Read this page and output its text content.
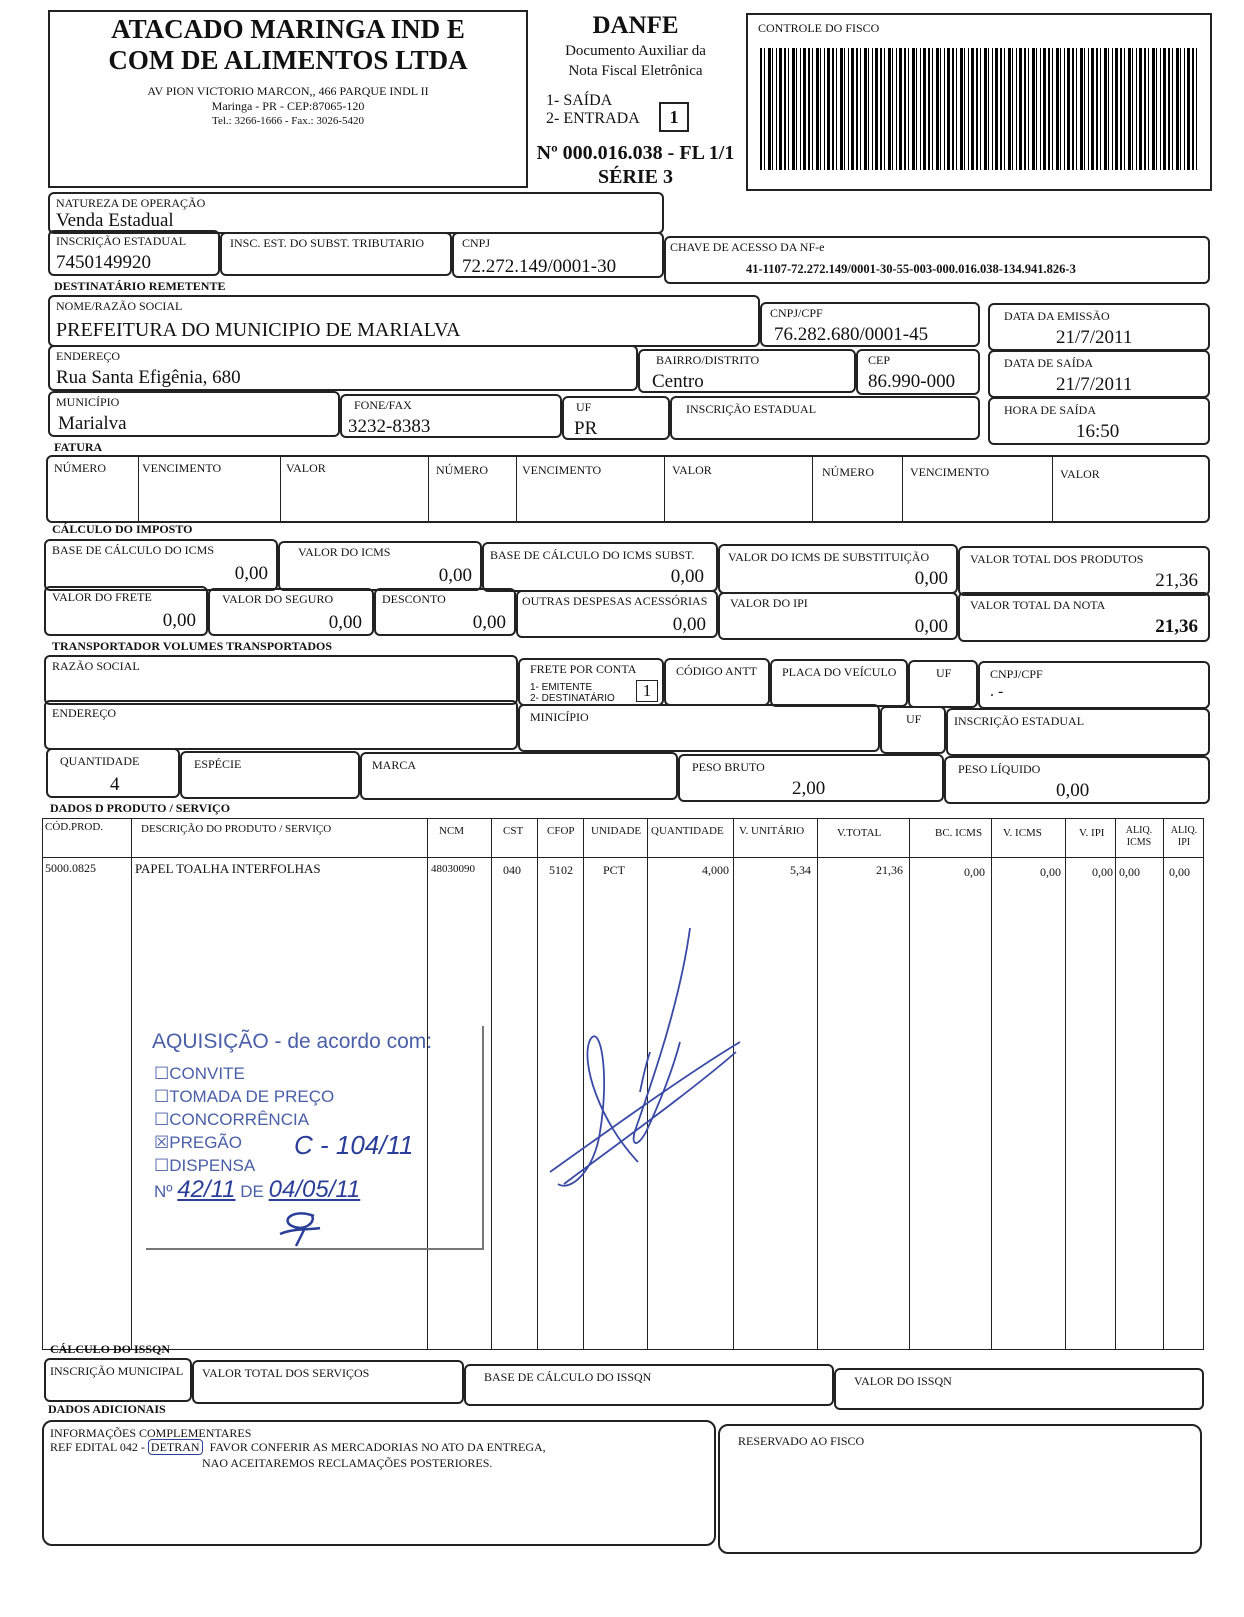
ATACADO MARINGA IND E
COM DE ALIMENTOS LTDA
AV PION VICTORIO MARCON,, 466 PARQUE INDL II
Maringa - PR - CEP:87065-120
Tel.: 3266-1666 - Fax.: 3026-5420
DANFE
Documento Auxiliar da
Nota Fiscal Eletrônica
1- SAÍDA
2- ENTRADA	1
Nº 000.016.038 - FL 1/1
SÉRIE 3
CONTROLE DO FISCO
NATUREZA DE OPERAÇÃO
Venda Estadual
INSCRIÇÃO ESTADUAL
7450149920
INSC. EST. DO SUBST. TRIBUTARIO	CNPJ
72.272.149/0001-30
CHAVE DE ACESSO DA NF-e
41-1107-72.272.149/0001-30-55-003-000.016.038-134.941.826-3
DESTINATÁRIO REMETENTE
NOME/RAZÃO SOCIAL
PREFEITURA DO MUNICIPIO DE MARIALVA
CNPJ/CPF
76.282.680/0001-45
DATA DA EMISSÃO
21/7/2011
ENDEREÇO
Rua Santa Efigênia, 680
BAIRRO/DISTRITO
Centro
CEP
86.990-000
DATA DE SAÍDA
21/7/2011
MUNICÍPIO
Marialva
FONE/FAX
3232-8383
UF
PR
INSCRIÇÃO ESTADUAL	HORA DE SAÍDA
16:50
FATURA
NÚMERO	VENCIMENTO	VALOR	NÚMERO	VENCIMENTO	VALOR	NÚMERO	VENCIMENTO	VALOR
CÁLCULO DO IMPOSTO
BASE DE CÁLCULO DO ICMS
0,00
VALOR DO ICMS
0,00
BASE DE CÁLCULO DO ICMS SUBST.
0,00
VALOR DO ICMS DE SUBSTITUIÇÃO
0,00
VALOR TOTAL DOS PRODUTOS
21,36
VALOR DO FRETE
0,00
VALOR DO SEGURO
0,00
DESCONTO
0,00
OUTRAS DESPESAS ACESSÓRIAS
0,00
VALOR DO IPI
0,00
VALOR TOTAL DA NOTA
21,36
TRANSPORTADOR VOLUMES TRANSPORTADOS
RAZÃO SOCIAL	FRETE POR CONTA
1- EMITENTE
2- DESTINATÁRIO	1
CÓDIGO ANTT PLACA DO VEÍCULO	UF	CNPJ/CPF
. -
ENDEREÇO	MINICÍPIO	UF	INSCRIÇÃO ESTADUAL
QUANTIDADE
4
ESPÉCIE	MARCA	PESO BRUTO
2,00
PESO LÍQUIDO
0,00
DADOS D PRODUTO / SERVIÇO
CÓD.PROD.	DESCRIÇÃO DO PRODUTO / SERVIÇO	NCM	CST CFOP UNIDADE QUANTIDADE V. UNITÁRIO	V.TOTAL	BC. ICMS V. ICMS	V. IPI	ALIQ. ICMS
ALIQ. IPI
5000.0825	PAPEL TOALHA INTERFOLHAS	48030090 040 5102	PCT	4,000	5,34	21,36	0,00	0,00	0,00 0,00 0,00
AQUISIÇÃO - de acordo com:
☐CONVITE
☐TOMADA DE PREÇO
☐CONCORRÊNCIA
☒PREGÃO
☐DISPENSA
C - 104/11
Nº 42/11 DE 04/05/11
CÁLCULO DO ISSQN
INSCRIÇÃO MUNICIPAL VALOR TOTAL DOS SERVIÇOS	BASE DE CÁLCULO DO ISSQN	VALOR DO ISSQN
DADOS ADICIONAIS
INFORMAÇÕES COMPLEMENTARES
REF EDITAL 042 - DETRAN FAVOR CONFERIR AS MERCADORIAS NO ATO DA ENTREGA,
NAO ACEITAREMOS RECLAMAÇÕES POSTERIORES.
RESERVADO AO FISCO
